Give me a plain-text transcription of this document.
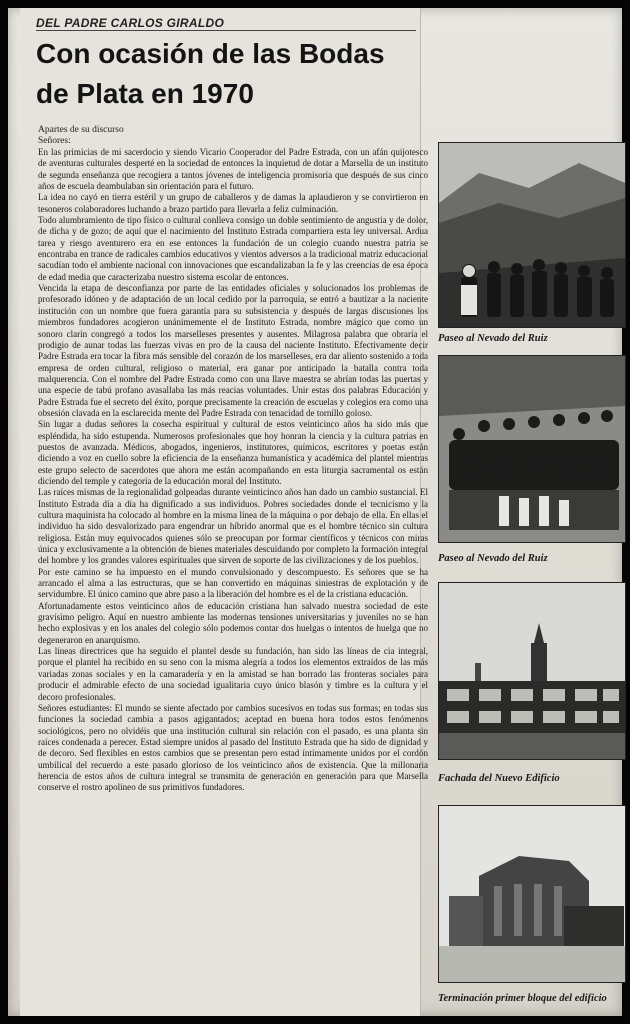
DEL PADRE CARLOS GIRALDO
Con ocasión de las Bodas
de Plata en 1970
Apartes de su discurso
Señores:

En las primicias de mi sacerdocio y siendo Vicario Cooperador del Padre Estrada, con un afán quijotesco de aventuras culturales desperté en la sociedad de entonces la inquietud de dotar a Marsella de un instituto de segunda enseñanza que recogiera a tantos jóvenes de inteligencia promisoria que después de sus cinco años de escuela deambulaban sin orientación para el futuro.

La idea no cayó en tierra estéril y un grupo de caballeros y de damas la aplaudieron y se convirtieron en tesoneros colaboradores luchando a brazo partido para llevarla a feliz culminación.

Todo alumbramiento de tipo físico o cultural conlleva consigo un doble sentimiento de angustia y de dolor, de dicha y de gozo; de aquí que el nacimiento del Instituto Estrada compartiera esta ley universal. Ardua tarea y riesgo aventurero era en ese entonces la fundación de un colegio cuando nuestra patria se encontraba en trance de radicales cambios educativos y vientos adversos a la tradicional matriz educacional sacudían todo el ambiente nacional con innovaciones que escandalizaban la fe y las creencias de esa época de edad media que caracterizaba nuestro sistema escolar de entonces.

Vencida la etapa de desconfianza por parte de las entidades oficiales y solucionados los problemas de profesorado idóneo y de adaptación de un local cedido por la parroquia, se entró a bautizar a la naciente institución con un nombre que fuera garantía para su subsistencia y después de largas discusiones los miembros fundadores acogieron unánimemente el de Instituto Estrada, nombre mágico que como un sonoro clarín congregó a todos los marselleses presentes y ausentes. Milagrosa palabra que obraría el prodigio de aunar todas las fuerzas vivas en pro de la causa del naciente Instituto. Efectivamente decir Padre Estrada era tocar la fibra más sensible del corazón de los marselleses, era dar aliento sostenido a toda empresa de orden cultural, religioso o material, era ganar por anticipado la batalla contra toda malquerencia. Con el nombre del Padre Estrada como con una llave maestra se abrían todas las puertas y una especie de tabú profano avasallaba las más reacias voluntades. Unir estas dos palabras Educación y Padre Estrada fue el secreto del éxito, porque precisamente la creación de escuelas y colegios era como una obsesión clavada en la esclarecida mente del Padre Estrada con tenacidad de tornillo goloso.

Sin lugar a dudas señores la cosecha espiritual y cultural de estos veinticinco años ha sido más que espléndida, ha sido estupenda. Numerosos profesionales que hoy honran la ciencia y la cultura patrias en puestos de avanzada. Médicos, abogados, ingenieros, institutores, químicos, escritores y poetas están diciendo a voz en cuello sobre la eficiencia de la enseñanza humanística y académica del plantel mientras este grupo selecto de sacerdotes que ahora me están acompañando en esta liturgia sacramental os están diciendo del temple y categoría de la educación moral del Instituto.

Las raíces mismas de la regionalidad golpeadas durante veinticinco años han dado un cambio sustancial. El Instituto Estrada día a día ha dignificado a sus individuos. Pobres sociedades donde el tecnicismo y la cultura maquinista ha colocado al hombre en la misma línea de la máquina o por debajo de ella. En ellas el individuo ha sido desvalorizado para engendrar un híbrido anormal que es el hombre técnico sin cultura religiosa. Están muy equivocados quienes sólo se preocupan por formar científicos y técnicos con miras única y exclusivamente a la obtención de bienes materiales descuidando por completo la formación integral del hombre y los grandes valores espirituales que sirven de soporte de las civilizaciones y de los pueblos.

Por este camino se ha impuesto en el mundo convulsionado y descompuesto. Es señores que se ha arrancado el alma a las estructuras, que se han convertido en máquinas siniestras de explotación y de servidumbre. El único camino que abre paso a la liberación del hombre es el de la cristiana educación.

Afortunadamente estos veinticinco años de educación cristiana han salvado nuestra sociedad de este gravísimo peligro. Aquí en nuestro ambiente las modernas tensiones universitarias y juveniles no se han hecho explosivas y en los anales del colegio sólo podemos contar dos huelgas o intentos de huelga que no degeneraron en anarquismo.

Las líneas directrices que ha seguido el plantel desde su fundación, han sido las líneas de cia integral, porque el plantel ha recibido en su seno con la misma alegría a todos los elementos extraídos de las más variadas zonas sociales y en la camaradería y en la amistad se han borrado las fronteras sociales para producir el admirable efecto de una sociedad igualitaria cuyo único blasón y timbre es la cultura y el decoro profesionales.

Señores estudiantes: El mundo se siente afectado por cambios sucesivos en todas sus formas; en todas sus funciones la sociedad cambia a pasos agigantados; aceptad en buena hora todos estos fenómenos sociológicos, pero no olvidéis que una institución cultural sin relación con el pasado, es una planta sin raíces condenada a perecer. Estad siempre unidos al pasado del Instituto Estrada que ha sido de dignidad y de decoro. Sed flexibles en estos cambios que se presentan pero estad íntimamente unidos por el cordón umbilical del recuerdo a este pasado glorioso de los veinticinco años de existencia. Que la millonaria herencia de estos años de cultura integral se transmita de generación en generación para que Marsella conserve el rostro apolíneo de sus primitivos fundadores.

Paseo al Nevado del Ruiz
Paseo al Nevado del Ruiz
Fachada del Nuevo Edificio
Terminación primer bloque del edificio
